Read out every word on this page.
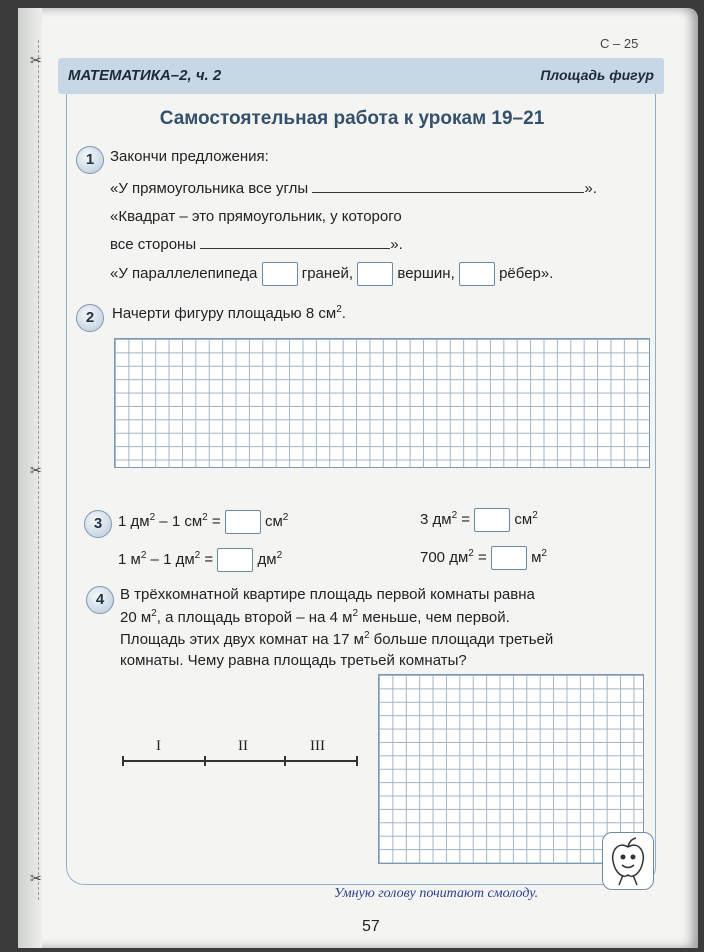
✂
✂
✂
С – 25
МАТЕМАТИКА–2, ч. 2	Площадь фигур
Самостоятельная работа к урокам 19–21
1	Закончи предложения:
«У прямоугольника все углы	».
«Квадрат – это прямоугольник, у которого
все стороны	».
«У параллелепипеда	граней,	вершин,	рёбер».
2	Начерти фигуру площадью 8 $см^2$.
3	1 $дм^2 - 1$ $см^2$ =	$см^2$	3 $дм^2$ =	$см^2$
1 $м^2 - 1$ $дм^2$ =	$дм^2$	700 $дм^2$ =	$м^2$
4	В трёхкомнатной квартире площадь первой комнаты равна
20 $м^2$, а площадь второй – на 4 $м^2$ меньше, чем первой.
Площадь этих двух комнат на 17 $м^2$ больше площади третьей
комнаты. Чему равна площадь третьей комнаты?
I	II	III
Умную голову почитают смолоду.
57
